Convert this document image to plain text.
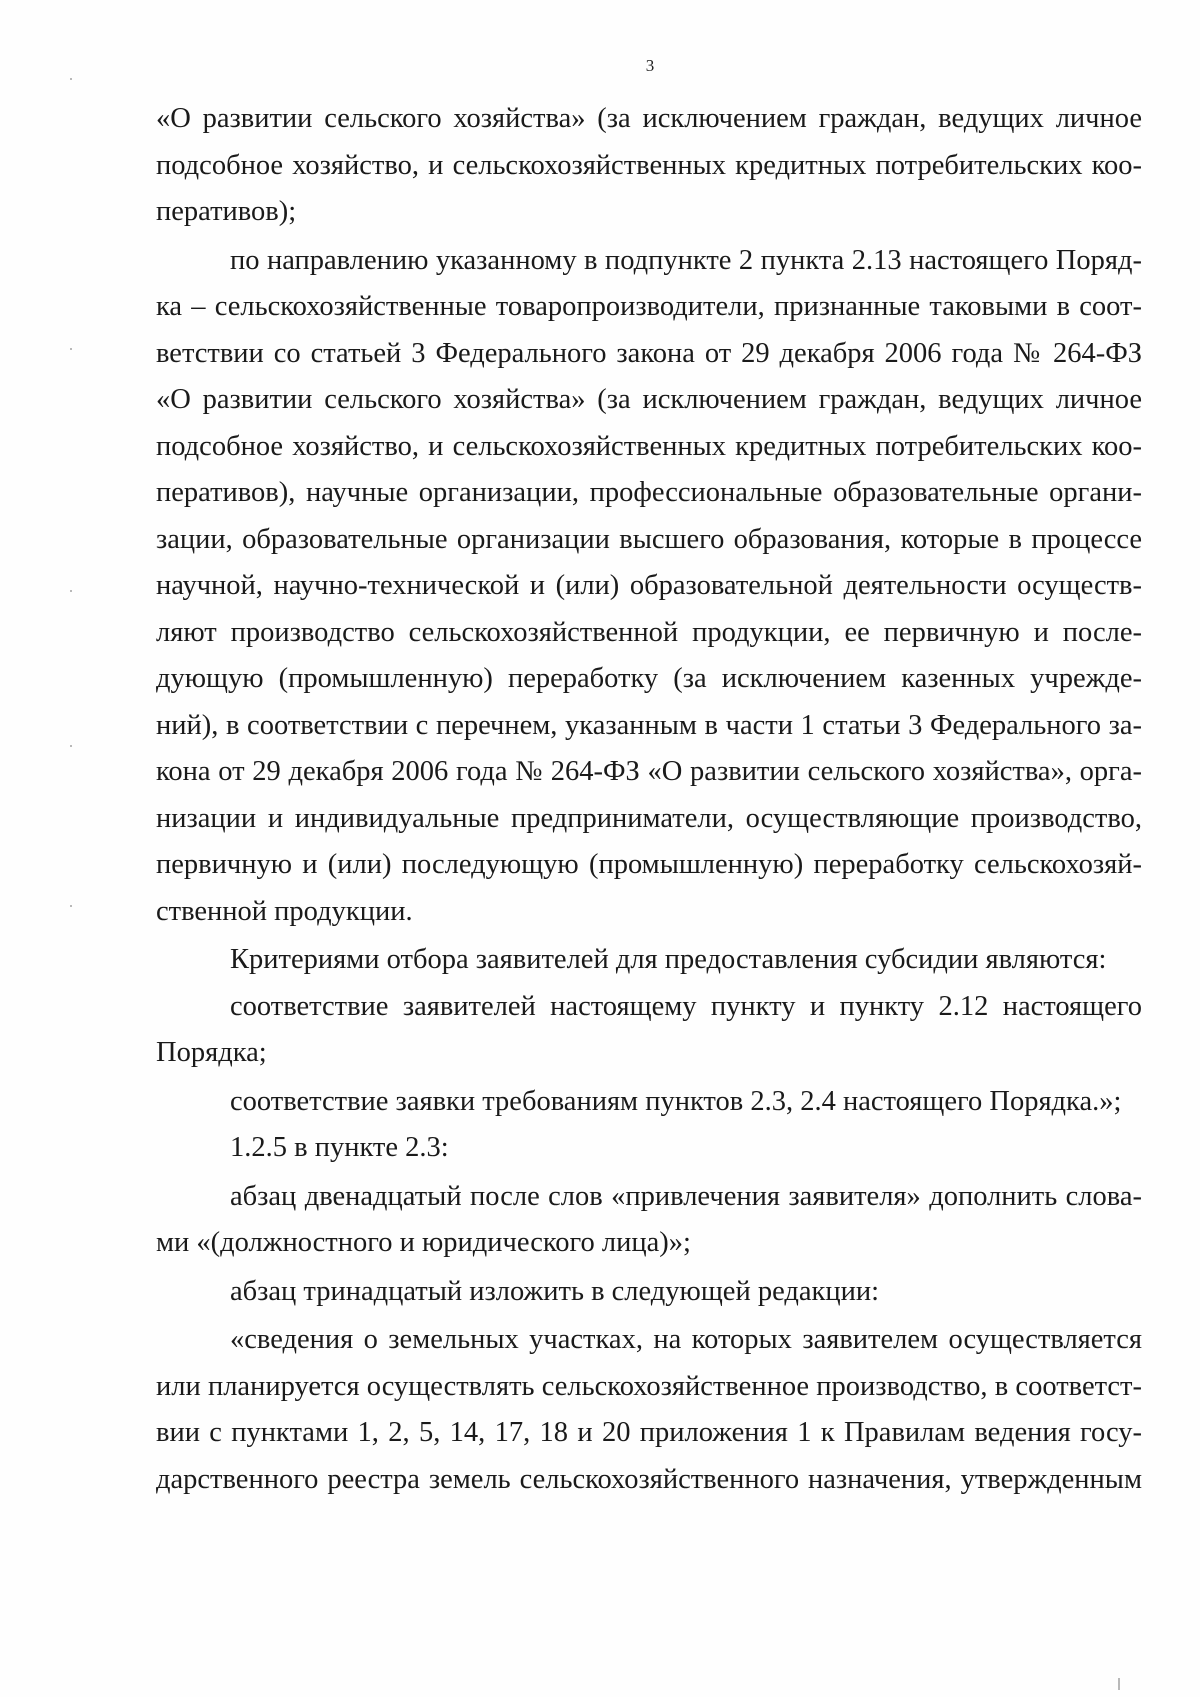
3
«О развитии сельского хозяйства» (за исключением граждан, ведущих личное
подсобное хозяйство, и сельскохозяйственных кредитных потребительских коо-
перативов);
по направлению указанному в подпункте 2 пункта 2.13 настоящего Поряд-
ка – сельскохозяйственные товаропроизводители, признанные таковыми в соот-
ветствии со статьей 3 Федерального закона от 29 декабря 2006 года № 264-ФЗ
«О развитии сельского хозяйства» (за исключением граждан, ведущих личное
подсобное хозяйство, и сельскохозяйственных кредитных потребительских коо-
перативов), научные организации, профессиональные образовательные органи-
зации, образовательные организации высшего образования, которые в процессе
научной, научно-технической и (или) образовательной деятельности осуществ-
ляют производство сельскохозяйственной продукции, ее первичную и после-
дующую (промышленную) переработку (за исключением казенных учрежде-
ний), в соответствии с перечнем, указанным в части 1 статьи 3 Федерального за-
кона от 29 декабря 2006 года № 264-ФЗ «О развитии сельского хозяйства», орга-
низации и индивидуальные предприниматели, осуществляющие производство,
первичную и (или) последующую (промышленную) переработку сельскохозяй-
ственной продукции.
Критериями отбора заявителей для предоставления субсидии являются:
соответствие заявителей настоящему пункту и пункту 2.12 настоящего
Порядка;
соответствие заявки требованиям пунктов 2.3, 2.4 настоящего Порядка.»;
1.2.5 в пункте 2.3:
абзац двенадцатый после слов «привлечения заявителя» дополнить слова-
ми «(должностного и юридического лица)»;
абзац тринадцатый изложить в следующей редакции:
«сведения о земельных участках, на которых заявителем осуществляется
или планируется осуществлять сельскохозяйственное производство, в соответст-
вии с пунктами 1, 2, 5, 14, 17, 18 и 20 приложения 1 к Правилам ведения госу-
дарственного реестра земель сельскохозяйственного назначения, утвержденным
